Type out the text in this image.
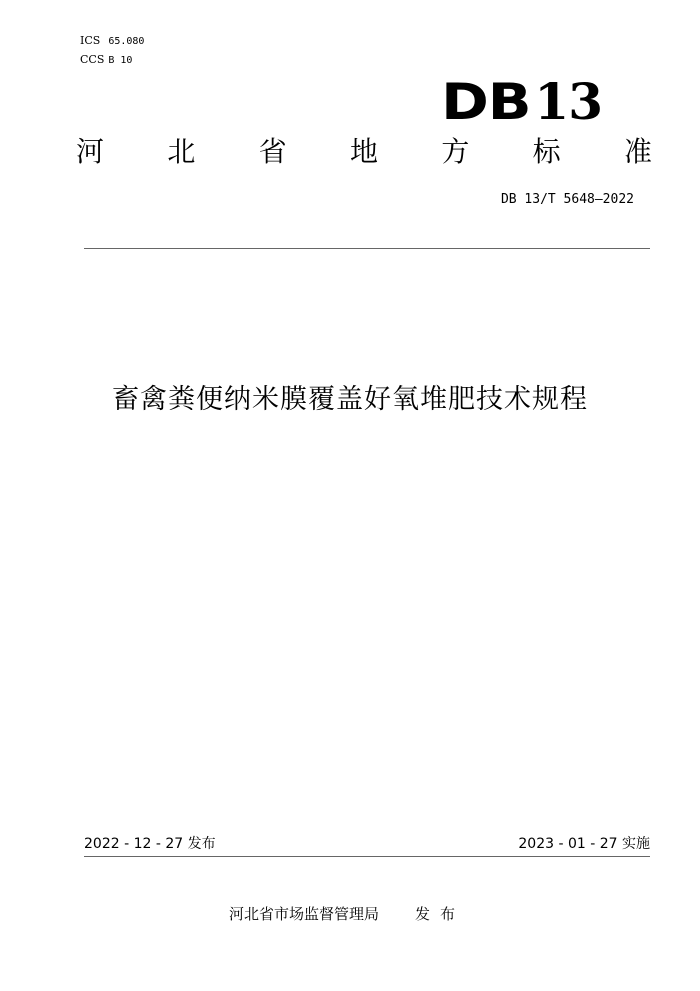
ICS 65.080
CCS B 10
DB13
河 北 省 地 方 标 准
DB 13/T 5648—2022
畜禽粪便纳米膜覆盖好氧堆肥技术规程
2022 - 12 - 27 发布	2023 - 01 - 27 实施
河北省市场监督管理局 发布
